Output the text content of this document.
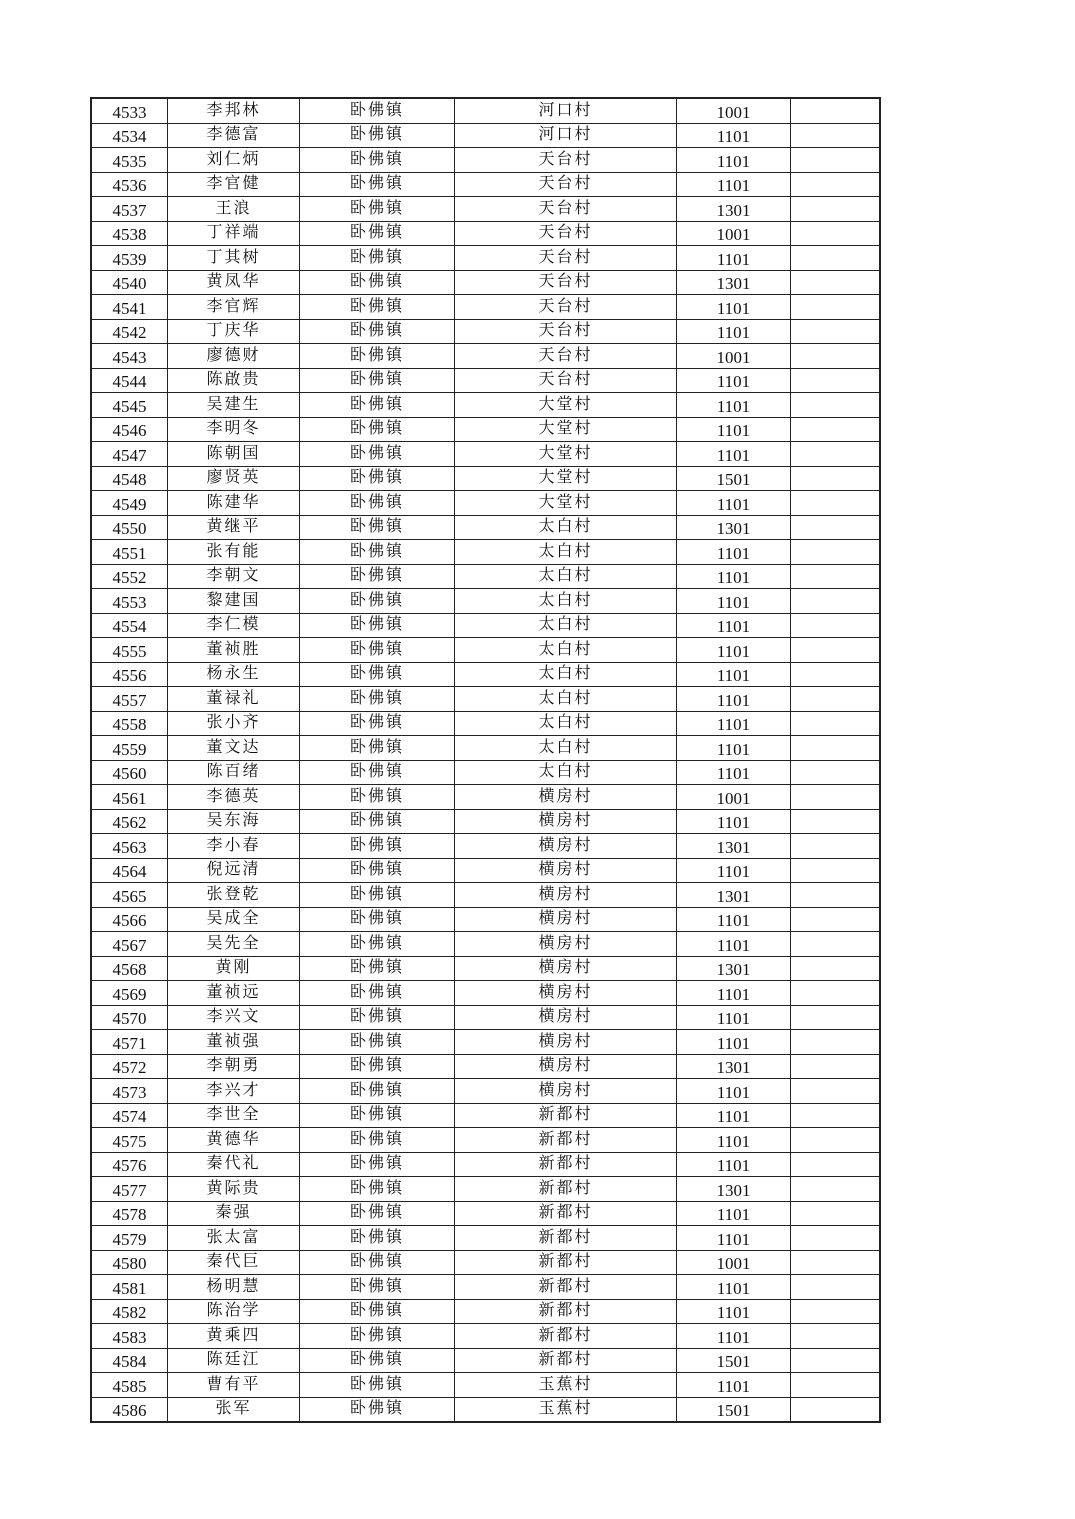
4533	李邦林	卧佛镇	河口村	1001	
4534	李德富	卧佛镇	河口村	1101	
4535	刘仁炳	卧佛镇	天台村	1101	
4536	李官健	卧佛镇	天台村	1101	
4537	王浪	卧佛镇	天台村	1301	
4538	丁祥端	卧佛镇	天台村	1001	
4539	丁其树	卧佛镇	天台村	1101	
4540	黄凤华	卧佛镇	天台村	1301	
4541	李官辉	卧佛镇	天台村	1101	
4542	丁庆华	卧佛镇	天台村	1101	
4543	廖德财	卧佛镇	天台村	1001	
4544	陈啟贵	卧佛镇	天台村	1101	
4545	吴建生	卧佛镇	大堂村	1101	
4546	李明冬	卧佛镇	大堂村	1101	
4547	陈朝国	卧佛镇	大堂村	1101	
4548	廖贤英	卧佛镇	大堂村	1501	
4549	陈建华	卧佛镇	大堂村	1101	
4550	黄继平	卧佛镇	太白村	1301	
4551	张有能	卧佛镇	太白村	1101	
4552	李朝文	卧佛镇	太白村	1101	
4553	黎建国	卧佛镇	太白村	1101	
4554	李仁模	卧佛镇	太白村	1101	
4555	董祯胜	卧佛镇	太白村	1101	
4556	杨永生	卧佛镇	太白村	1101	
4557	董禄礼	卧佛镇	太白村	1101	
4558	张小齐	卧佛镇	太白村	1101	
4559	董文达	卧佛镇	太白村	1101	
4560	陈百绪	卧佛镇	太白村	1101	
4561	李德英	卧佛镇	横房村	1001	
4562	吴东海	卧佛镇	横房村	1101	
4563	李小春	卧佛镇	横房村	1301	
4564	倪远清	卧佛镇	横房村	1101	
4565	张登乾	卧佛镇	横房村	1301	
4566	吴成全	卧佛镇	横房村	1101	
4567	吴先全	卧佛镇	横房村	1101	
4568	黄刚	卧佛镇	横房村	1301	
4569	董祯远	卧佛镇	横房村	1101	
4570	李兴文	卧佛镇	横房村	1101	
4571	董祯强	卧佛镇	横房村	1101	
4572	李朝勇	卧佛镇	横房村	1301	
4573	李兴才	卧佛镇	横房村	1101	
4574	李世全	卧佛镇	新都村	1101	
4575	黄德华	卧佛镇	新都村	1101	
4576	秦代礼	卧佛镇	新都村	1101	
4577	黄际贵	卧佛镇	新都村	1301	
4578	秦强	卧佛镇	新都村	1101	
4579	张太富	卧佛镇	新都村	1101	
4580	秦代巨	卧佛镇	新都村	1001	
4581	杨明慧	卧佛镇	新都村	1101	
4582	陈治学	卧佛镇	新都村	1101	
4583	黄乘四	卧佛镇	新都村	1101	
4584	陈廷江	卧佛镇	新都村	1501	
4585	曹有平	卧佛镇	玉蕉村	1101	
4586	张军	卧佛镇	玉蕉村	1501	
